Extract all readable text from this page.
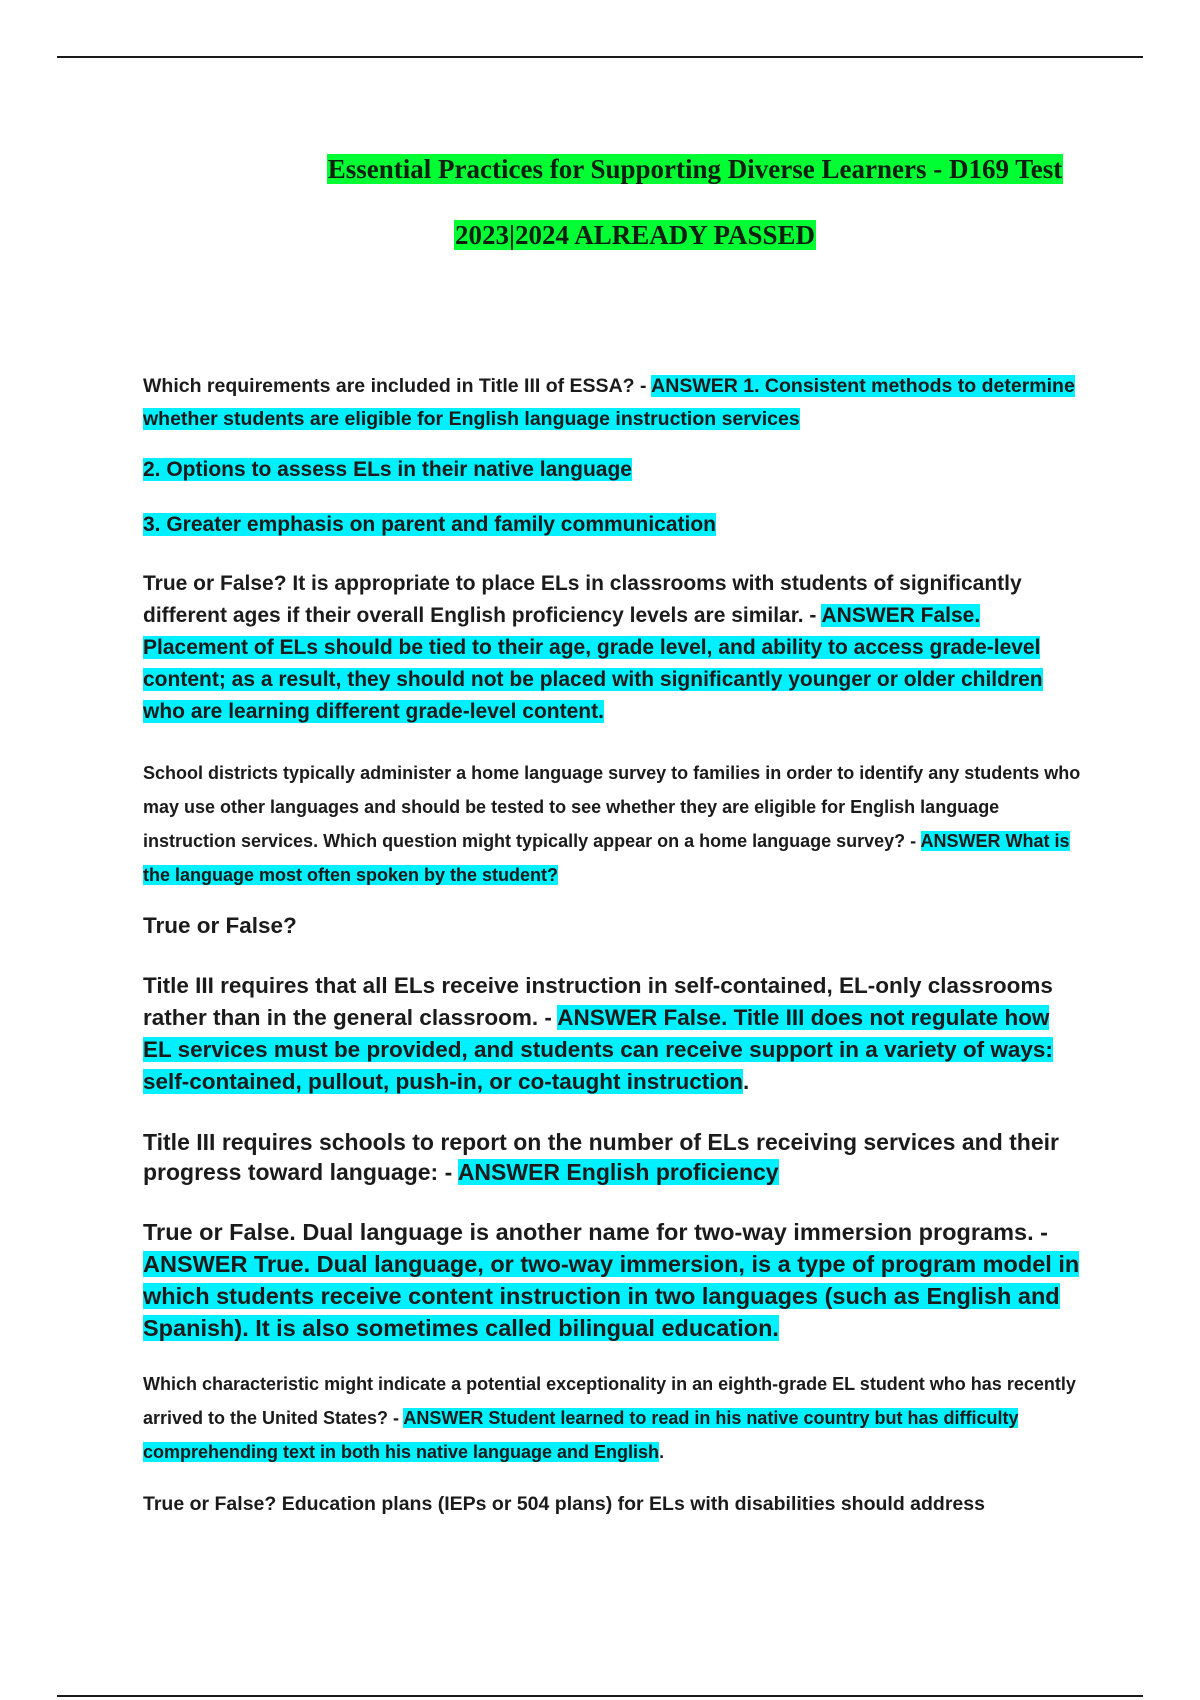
Essential Practices for Supporting Diverse Learners - D169 Test
2023|2024 ALREADY PASSED
Which requirements are included in Title III of ESSA? - ANSWER 1. Consistent methods to determine whether students are eligible for English language instruction services
2. Options to assess ELs in their native language
3. Greater emphasis on parent and family communication
True or False? It is appropriate to place ELs in classrooms with students of significantly different ages if their overall English proficiency levels are similar. - ANSWER False. Placement of ELs should be tied to their age, grade level, and ability to access grade-level content; as a result, they should not be placed with significantly younger or older children who are learning different grade-level content.
School districts typically administer a home language survey to families in order to identify any students who may use other languages and should be tested to see whether they are eligible for English language instruction services. Which question might typically appear on a home language survey? - ANSWER What is the language most often spoken by the student?
True or False?
Title III requires that all ELs receive instruction in self-contained, EL-only classrooms rather than in the general classroom. - ANSWER False. Title III does not regulate how EL services must be provided, and students can receive support in a variety of ways: self-contained, pullout, push-in, or co-taught instruction.
Title III requires schools to report on the number of ELs receiving services and their progress toward language: - ANSWER English proficiency
True or False. Dual language is another name for two-way immersion programs. - ANSWER True. Dual language, or two-way immersion, is a type of program model in which students receive content instruction in two languages (such as English and Spanish). It is also sometimes called bilingual education.
Which characteristic might indicate a potential exceptionality in an eighth-grade EL student who has recently arrived to the United States? - ANSWER Student learned to read in his native country but has difficulty comprehending text in both his native language and English.
True or False? Education plans (IEPs or 504 plans) for ELs with disabilities should address
